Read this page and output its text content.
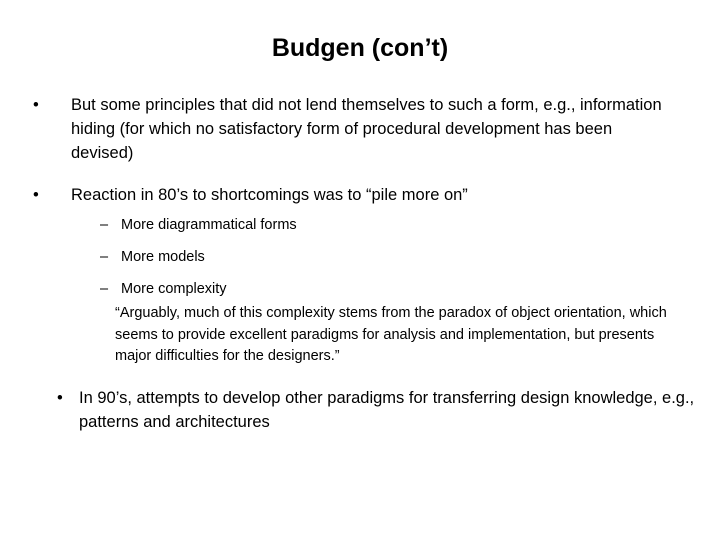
Budgen (con’t)
• But some principles that did not lend themselves to such a form, e.g., information hiding (for which no satisfactory form of procedural development has been devised)
• Reaction in 80’s to shortcomings was to “pile more on”
– More diagrammatical forms
– More models
– More complexity
“Arguably, much of this complexity stems from the paradox of object orientation, which seems to provide excellent paradigms for analysis and implementation, but presents major difficulties for the designers.”
• In 90’s, attempts to develop other paradigms for transferring design knowledge, e.g., patterns and architectures
